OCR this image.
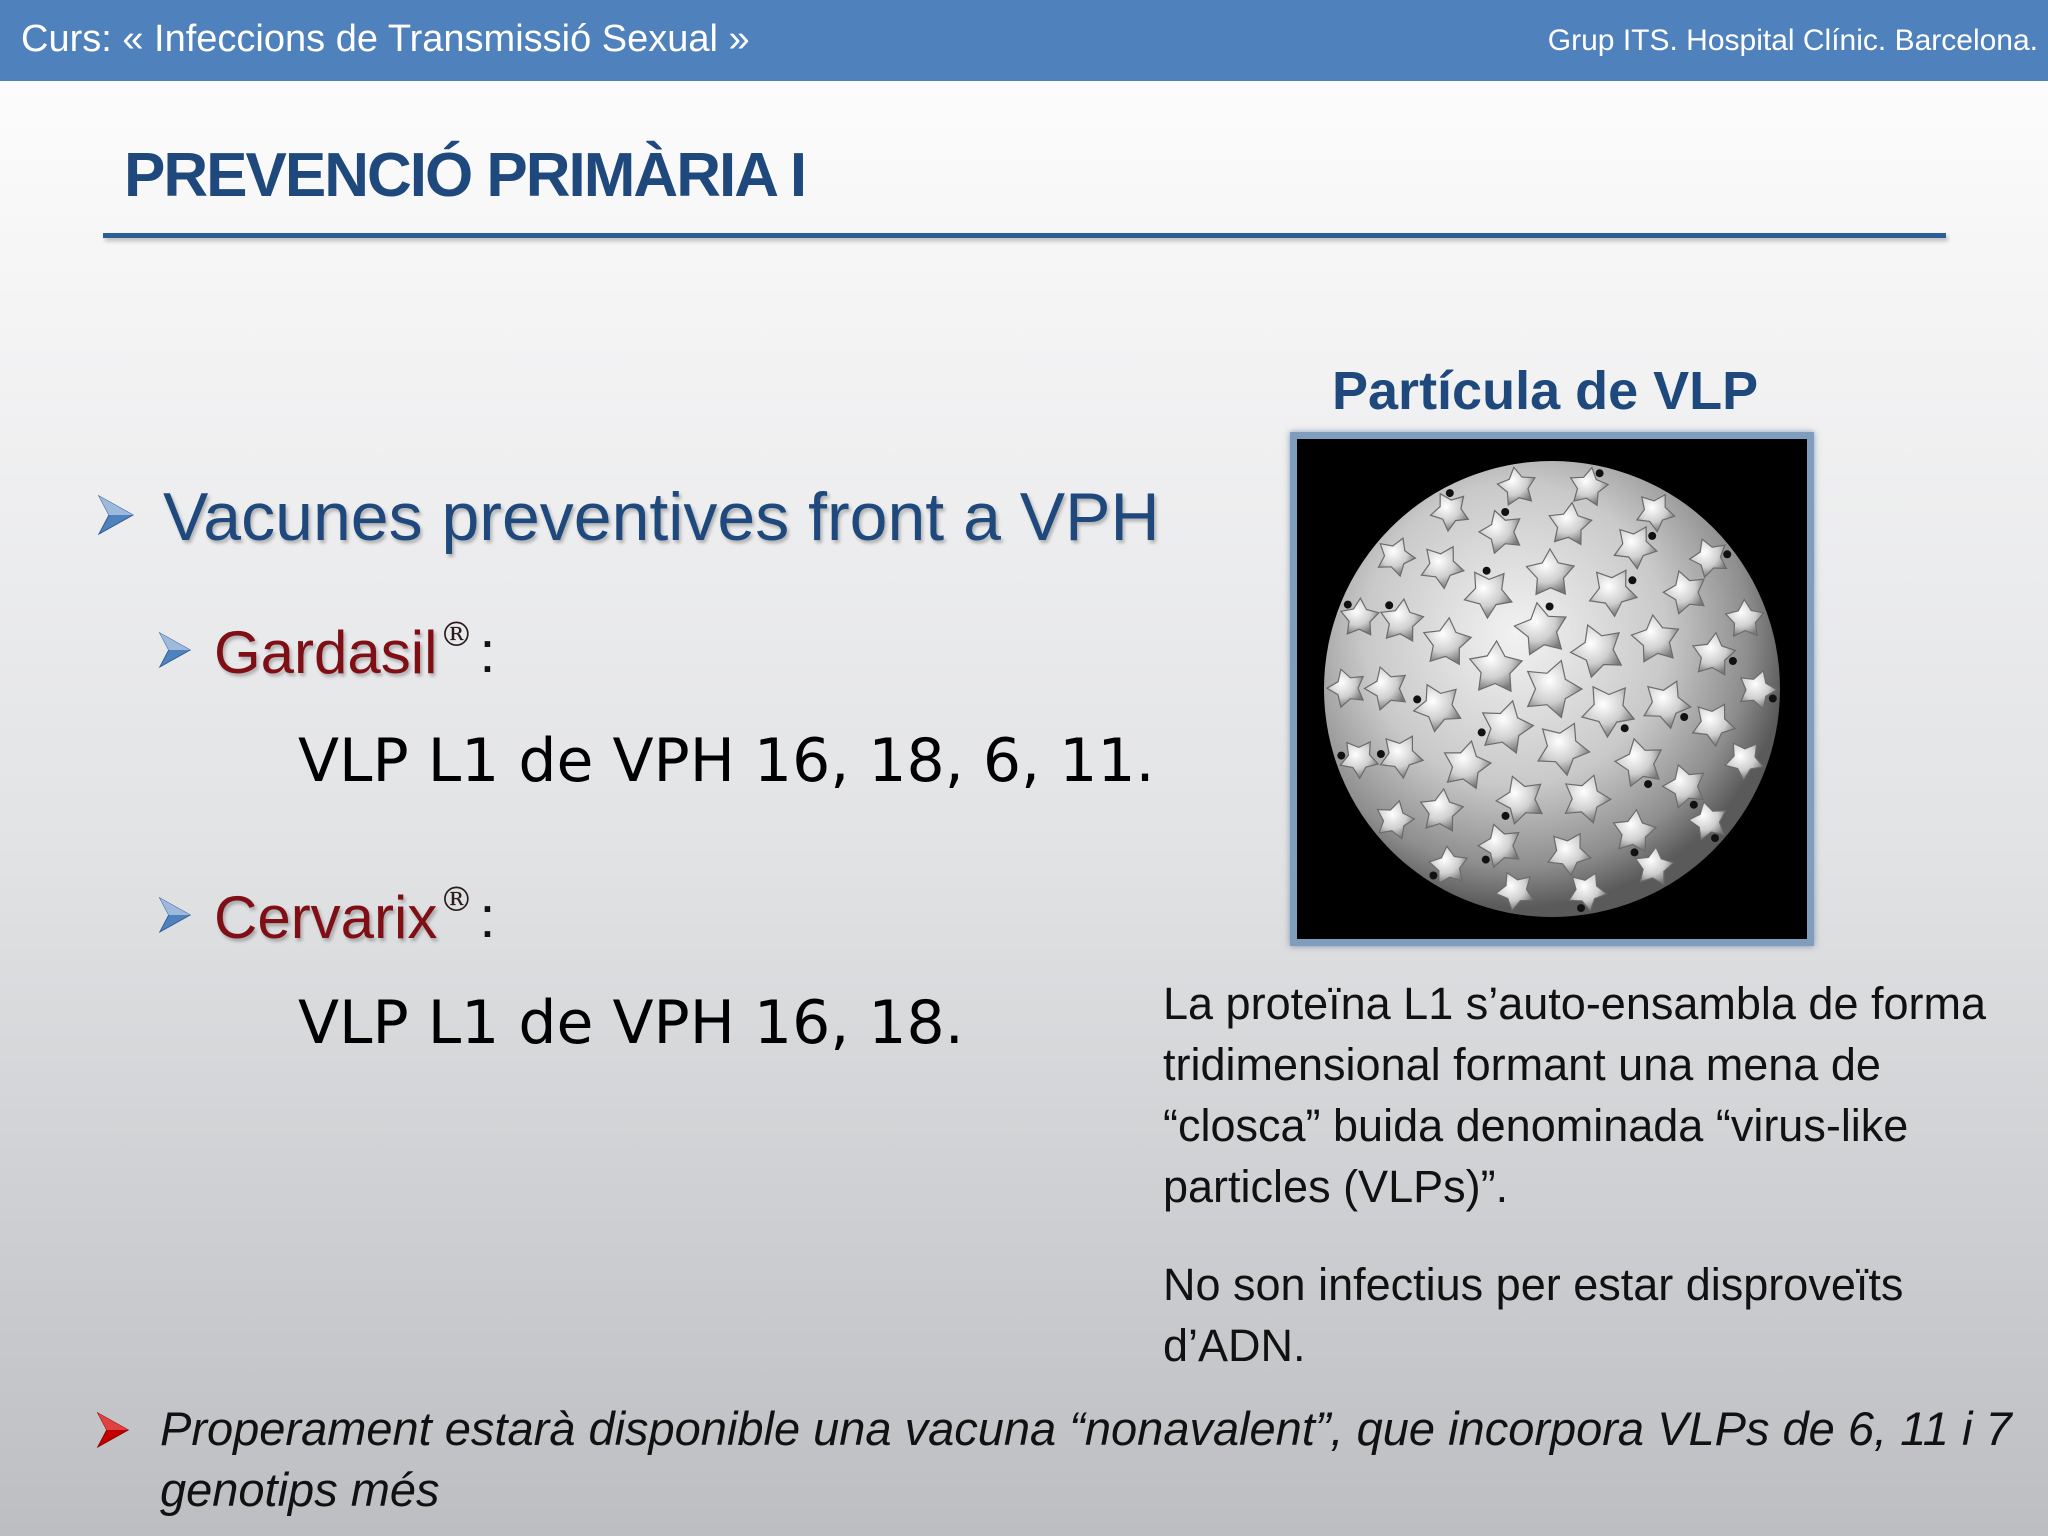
Curs: « Infeccions de Transmissió Sexual »	Grup ITS. Hospital Clínic. Barcelona.
PREVENCIÓ PRIMÀRIA I
Vacunes preventives front a VPH
Gardasil® :
VLP L1 de VPH 16, 18, 6, 11.
Cervarix® :
VLP L1 de VPH 16, 18.
Partícula de VLP
La proteïna L1 s’auto-ensambla de forma tridimensional formant una mena de “closca” buida denominada “virus-like particles (VLPs)”.
No son infectius per estar disproveïts d’ADN.
Properament estarà disponible una vacuna “nonavalent”, que incorpora VLPs de 6, 11 i 7 genotips més
